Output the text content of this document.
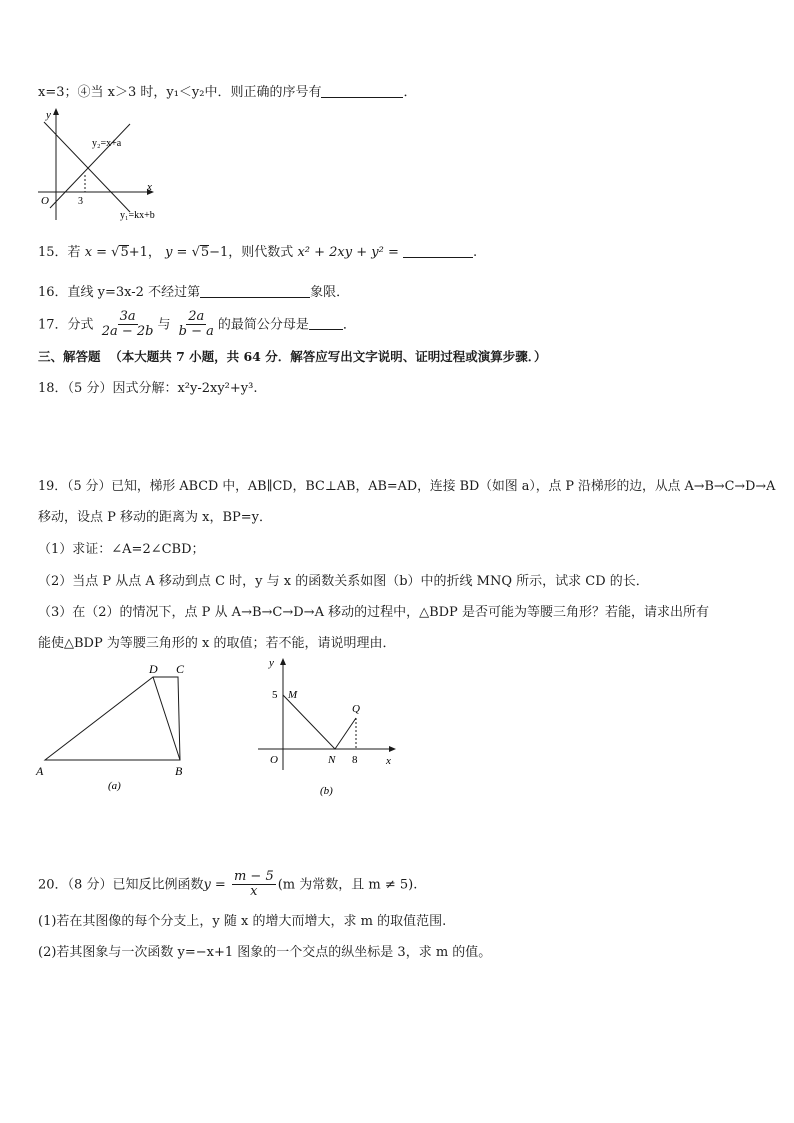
x=3；④当 x＞3 时，y₁＜y₂中．则正确的序号有	．
y
x
O	3
y₂=x+a
y₁=kx+b
15．若 x = √5+1， y = √5−1，则代数式 x² + 2xy + y² =	.
16．直线 y=3x-2 不经过第	象限．
17．分式 $\frac{3a}{2a - 2b}$ 与 $\frac{2a}{b - a}$ 的最简公分母是	．
三、解答题 （本大题共 7 小题，共 64 分．解答应写出文字说明、证明过程或演算步骤．）
18．（5 分）因式分解：x²y-2xy²+y³.
19．（5 分）已知，梯形 ABCD 中，AB∥CD，BC⊥AB，AB=AD，连接 BD（如图 a），点 P 沿梯形的边，从点 A→B→C→D→A
移动，设点 P 移动的距离为 x，BP=y．
（1）求证：∠A=2∠CBD；
（2）当点 P 从点 A 移动到点 C 时，y 与 x 的函数关系如图（b）中的折线 MNQ 所示，试求 CD 的长．
（3）在（2）的情况下，点 P 从 A→B→C→D→A 移动的过程中，△BDP 是否可能为等腰三角形？若能，请求出所有
能使△BDP 为等腰三角形的 x 的取值；若不能，请说明理由．
A	B
C
D
(a)
y
x
O
5 M
N 8
Q
(b)
20．（8 分）已知反比例函数$y = \frac{m - 5}{x} (m$ 为常数，且 m ≠ 5).
(1)若在其图像的每个分支上，y 随 x 的增大而增大，求 m 的取值范围.
(2)若其图象与一次函数 y=−x+1 图象的一个交点的纵坐标是 3，求 m 的值。
